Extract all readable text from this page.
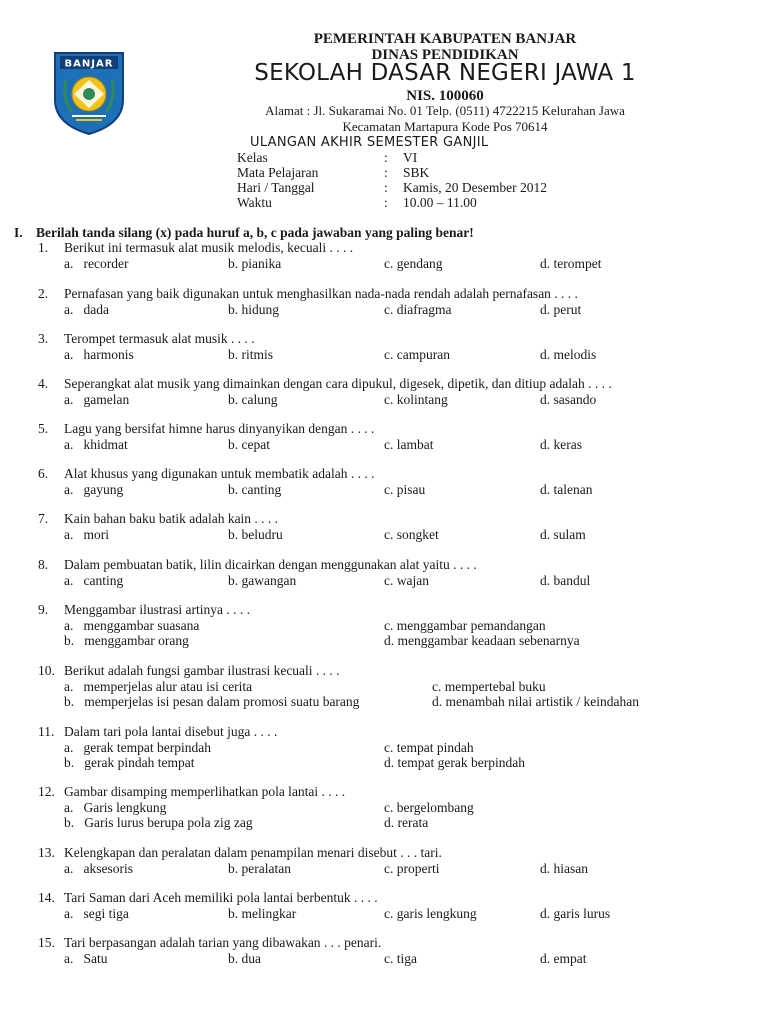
BANJAR
PEMERINTAH KABUPATEN BANJAR
DINAS PENDIDIKAN
SEKOLAH DASAR NEGERI JAWA 1
NIS. 100060
Alamat : Jl. Sukaramai No. 01 Telp. (0511) 4722215 Kelurahan Jawa
Kecamatan Martapura Kode Pos 70614
ULANGAN AKHIR SEMESTER GANJIL
Kelas	: VI
Mata Pelajaran	: SBK
Hari / Tanggal	: Kamis, 20 Desember 2012
Waktu	: 10.00 – 11.00
I. Berilah tanda silang (x) pada huruf a, b, c pada jawaban yang paling benar!
1. Berikut ini termasuk alat musik melodis, kecuali . . . .
a. recorder	b. pianika	c. gendang	d. terompet
2. Pernafasan yang baik digunakan untuk menghasilkan nada-nada rendah adalah pernafasan . . . .
a. dada	b. hidung	c. diafragma	d. perut
3. Terompet termasuk alat musik . . . .
a. harmonis	b. ritmis	c. campuran	d. melodis
4. Seperangkat alat musik yang dimainkan dengan cara dipukul, digesek, dipetik, dan ditiup adalah . . . .
a. gamelan	b. calung	c. kolintang	d. sasando
5. Lagu yang bersifat himne harus dinyanyikan dengan . . . .
a. khidmat	b. cepat	c. lambat	d. keras
6. Alat khusus yang digunakan untuk membatik adalah . . . .
a. gayung	b. canting	c. pisau	d. talenan
7. Kain bahan baku batik adalah kain . . . .
a. mori	b. beludru	c. songket	d. sulam
8. Dalam pembuatan batik, lilin dicairkan dengan menggunakan alat yaitu . . . .
a. canting	b. gawangan	c. wajan	d. bandul
9. Menggambar ilustrasi artinya . . . .
a. menggambar suasana
b. menggambar orang
c. menggambar pemandangan
d. menggambar keadaan sebenarnya
10. Berikut adalah fungsi gambar ilustrasi kecuali . . . .
a. memperjelas alur atau isi cerita
b. memperjelas isi pesan dalam promosi suatu barang
c. mempertebal buku
d. menambah nilai artistik / keindahan
11. Dalam tari pola lantai disebut juga . . . .
a. gerak tempat berpindah
b. gerak pindah tempat
c. tempat pindah
d. tempat gerak berpindah
12. Gambar disamping memperlihatkan pola lantai . . . .
a. Garis lengkung
b. Garis lurus berupa pola zig zag
c. bergelombang
d. rerata
13. Kelengkapan dan peralatan dalam penampilan menari disebut . . . tari.
a. aksesoris	b. peralatan	c. properti	d. hiasan
14. Tari Saman dari Aceh memiliki pola lantai berbentuk . . . .
a. segi tiga	b. melingkar	c. garis lengkung	d. garis lurus
15. Tari berpasangan adalah tarian yang dibawakan . . . penari.
a. Satu	b. dua	c. tiga	d. empat
